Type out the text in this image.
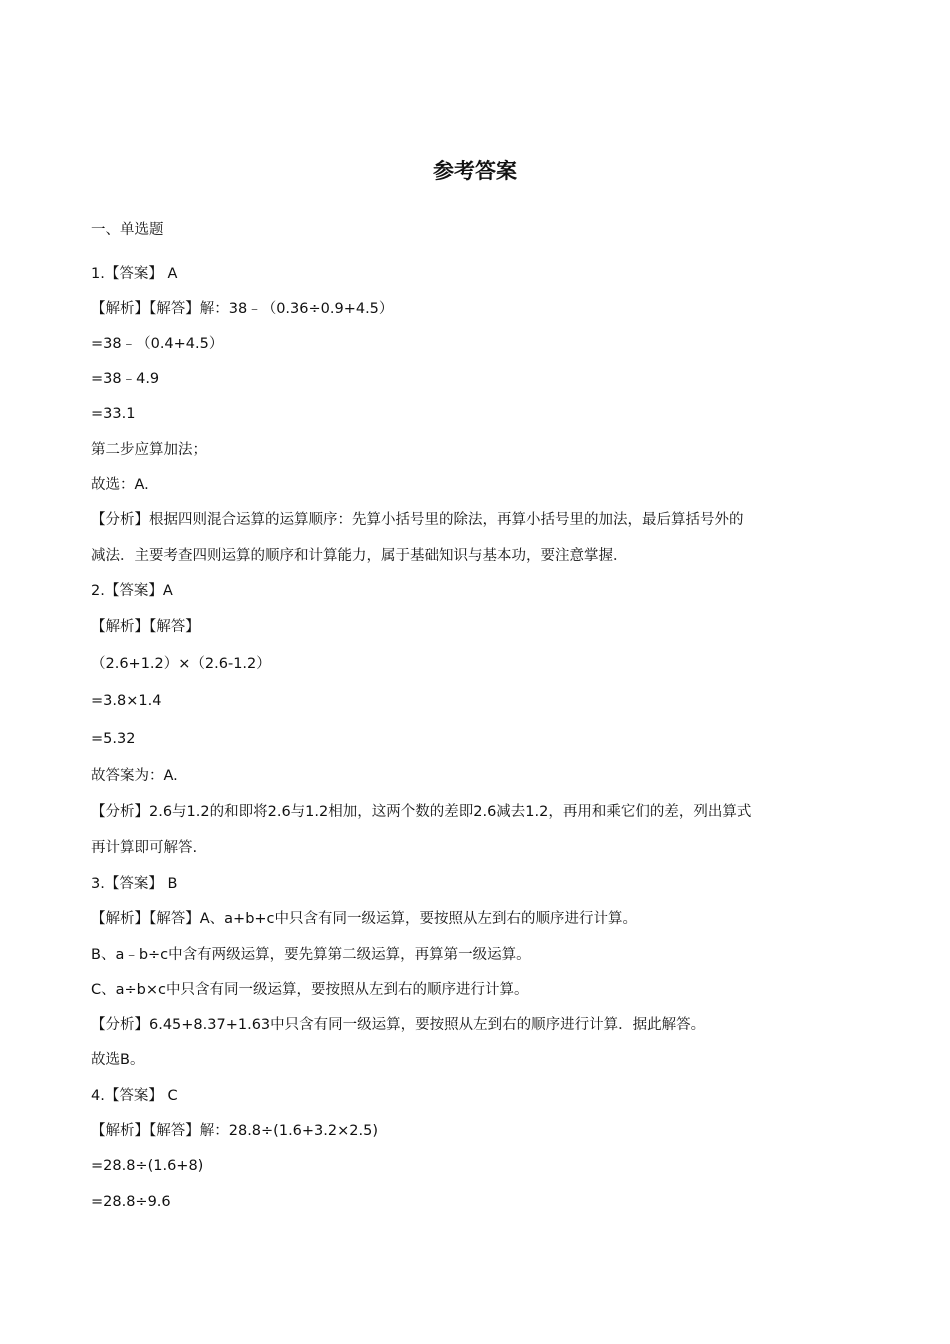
参考答案
一、单选题
1.【答案】 A
【解析】【解答】解：38﹣（0.36÷0.9+4.5）
=38﹣（0.4+4.5）
=38﹣4.9
=33.1
第二步应算加法；
故选：A.
【分析】根据四则混合运算的运算顺序：先算小括号里的除法，再算小括号里的加法，最后算括号外的
减法．主要考查四则运算的顺序和计算能力，属于基础知识与基本功，要注意掌握．
2.【答案】A
【解析】【解答】
（2.6+1.2）×（2.6-1.2）
=3.8×1.4
=5.32
故答案为：A.
【分析】2.6与1.2的和即将2.6与1.2相加，这两个数的差即2.6减去1.2，再用和乘它们的差，列出算式
再计算即可解答.
3.【答案】 B
【解析】【解答】A、a+b+c中只含有同一级运算，要按照从左到右的顺序进行计算。
B、a﹣b÷c中含有两级运算，要先算第二级运算，再算第一级运算。
C、a÷b×c中只含有同一级运算，要按照从左到右的顺序进行计算。
【分析】6.45+8.37+1.63中只含有同一级运算，要按照从左到右的顺序进行计算．据此解答。
故选B。
4.【答案】 C
【解析】【解答】解：28.8÷(1.6+3.2×2.5)
=28.8÷(1.6+8)
=28.8÷9.6
